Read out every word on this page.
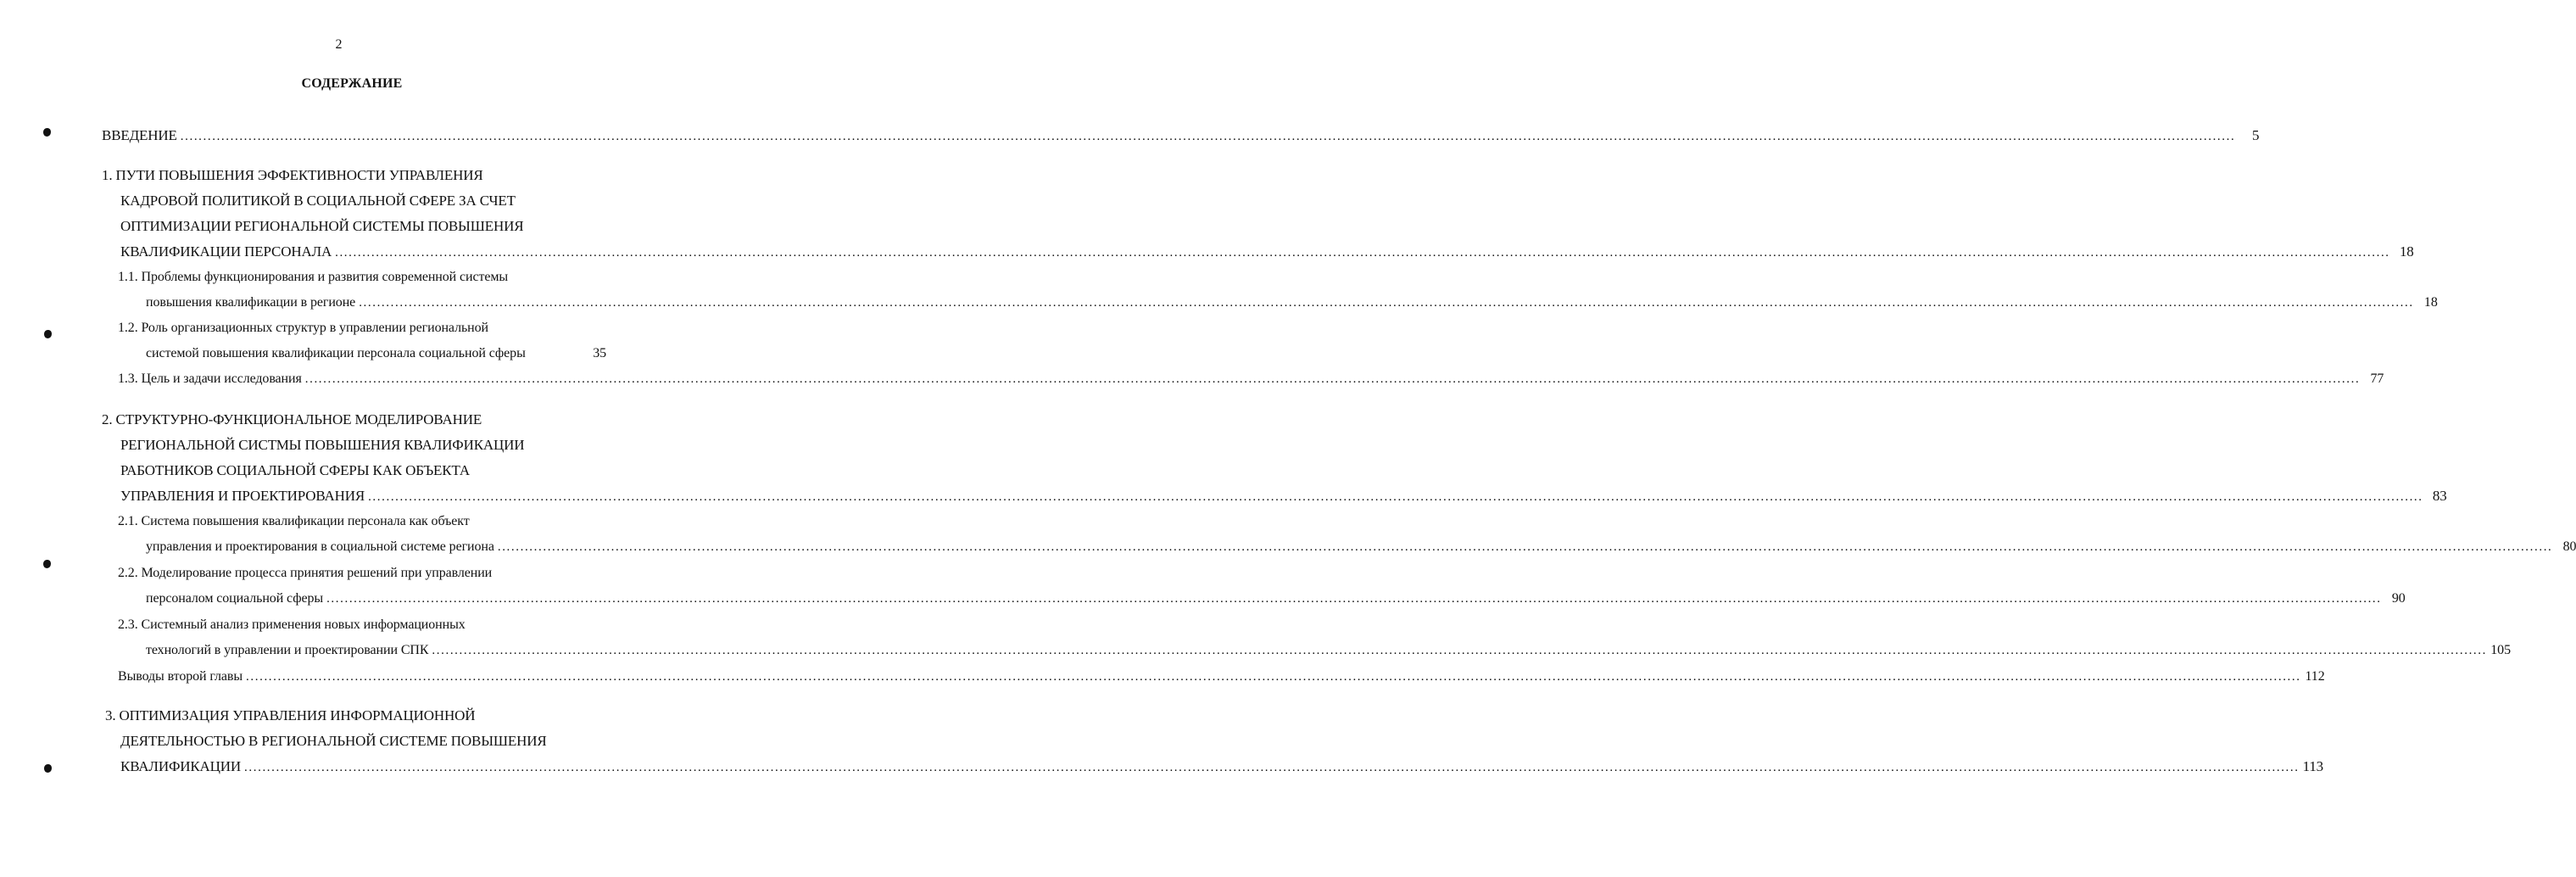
2
СОДЕРЖАНИЕ
ВВЕДЕНИЕ .....................................................................................................................................................................................................................................................................................................................................................................................................................................................................	5
1. ПУТИ ПОВЫШЕНИЯ ЭФФЕКТИВНОСТИ УПРАВЛЕНИЯ
КАДРОВОЙ ПОЛИТИКОЙ В СОЦИАЛЬНОЙ СФЕРЕ ЗА СЧЕТ
ОПТИМИЗАЦИИ РЕГИОНАЛЬНОЙ СИСТЕМЫ ПОВЫШЕНИЯ
КВАЛИФИКАЦИИ ПЕРСОНАЛА ..................................................................................................................................................................................................................................................................................................................................................................................................................................................................... 18
1.1. Проблемы функционирования и развития современной системы
повышения квалификации в регионе ..................................................................................................................................................................................................................................................................................................................................................................................................................................................................... 18
1.2. Роль организационных структур в управлении региональной
системой повышения квалификации персонала социальной сферы	35
1.3. Цель и задачи исследования ..................................................................................................................................................................................................................................................................................................................................................................................................................................................................... 77
2. СТРУКТУРНО-ФУНКЦИОНАЛЬНОЕ МОДЕЛИРОВАНИЕ
РЕГИОНАЛЬНОЙ СИСТМЫ ПОВЫШЕНИЯ КВАЛИФИКАЦИИ
РАБОТНИКОВ СОЦИАЛЬНОЙ СФЕРЫ КАК ОБЪЕКТА
УПРАВЛЕНИЯ И ПРОЕКТИРОВАНИЯ ..................................................................................................................................................................................................................................................................................................................................................................................................................................................................... 83
2.1. Система повышения квалификации персонала как объект
управления и проектирования в социальной системе региона ..................................................................................................................................................................................................................................................................................................................................................................................................................................................................... 80
2.2. Моделирование процесса принятия решений при управлении
персоналом социальной сферы ..................................................................................................................................................................................................................................................................................................................................................................................................................................................................... 90
2.3. Системный анализ применения новых информационных
технологий в управлении и проектировании СПК ..................................................................................................................................................................................................................................................................................................................................................................................................................................................................... 105
Выводы второй главы ..................................................................................................................................................................................................................................................................................................................................................................................................................................................................... 112
3. ОПТИМИЗАЦИЯ УПРАВЛЕНИЯ ИНФОРМАЦИОННОЙ
ДЕЯТЕЛЬНОСТЬЮ В РЕГИОНАЛЬНОЙ СИСТЕМЕ ПОВЫШЕНИЯ
КВАЛИФИКАЦИИ ..................................................................................................................................................................................................................................................................................................................................................................................................................................................................... 113
